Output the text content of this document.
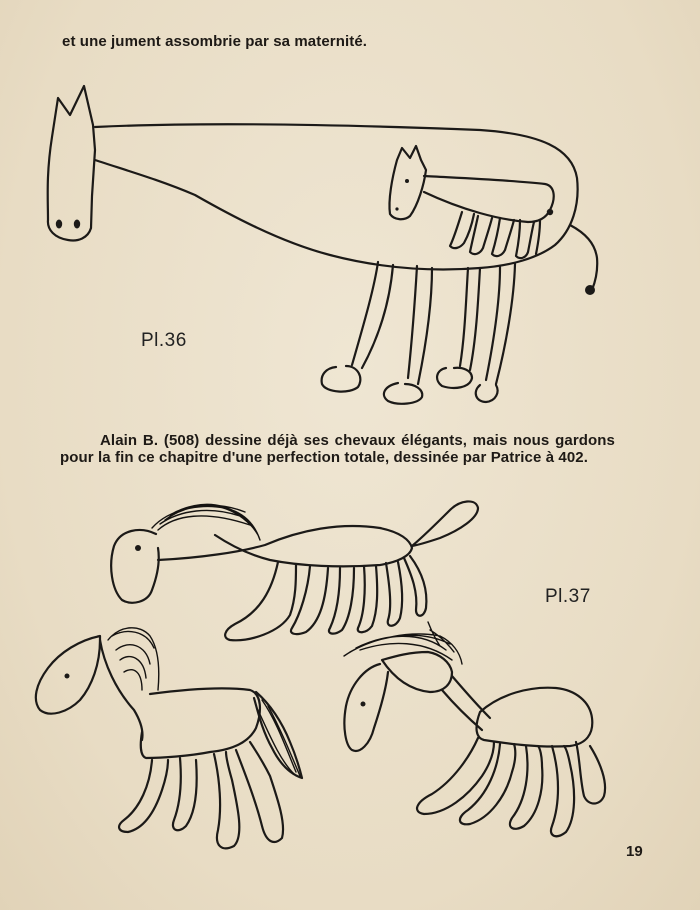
et une jument assombrie par sa maternité.

Pl.36

Alain B. (508) dessine déjà ses chevaux élégants, mais nous gardons pour la fin ce chapitre d'une perfection totale, dessinée par Patrice à 402.

Pl.37
19
